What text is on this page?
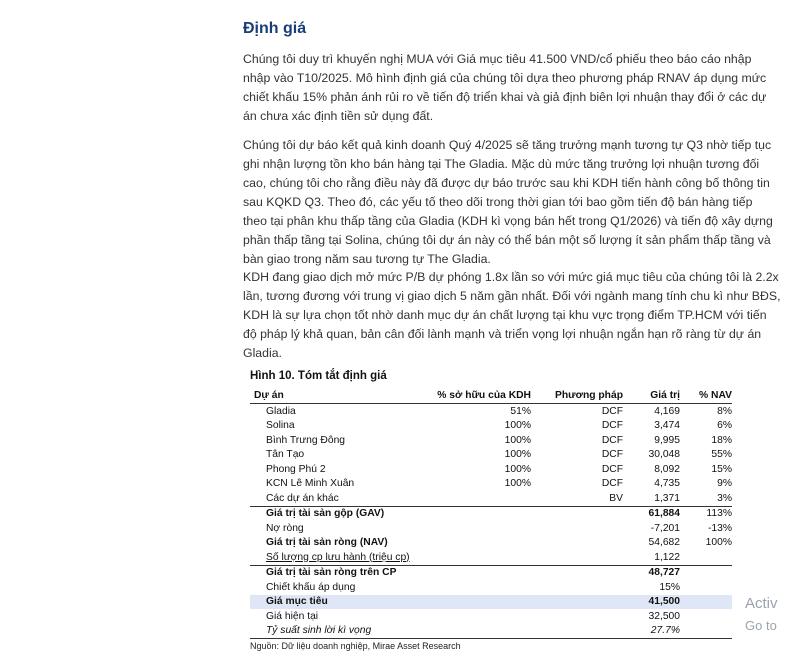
Định giá
Chúng tôi duy trì khuyến nghị MUA với Giá mục tiêu 41.500 VND/cổ phiếu theo báo cáo nhập
nhập vào T10/2025. Mô hình định giá của chúng tôi dựa theo phương pháp RNAV áp dụng mức
chiết khấu 15% phản ánh rủi ro về tiến độ triển khai và giả định biên lợi nhuận thay đổi ở các dự
án chưa xác định tiền sử dụng đất.
Chúng tôi dự báo kết quả kinh doanh Quý 4/2025 sẽ tăng trưởng mạnh tương tự Q3 nhờ tiếp tục
ghi nhận lượng tồn kho bán hàng tại The Gladia. Mặc dù mức tăng trưởng lợi nhuận tương đối
cao, chúng tôi cho rằng điều này đã được dự báo trước sau khi KDH tiến hành công bố thông tin
sau KQKD Q3. Theo đó, các yếu tố theo dõi trong thời gian tới bao gồm tiến độ bán hàng tiếp
theo tại phân khu thấp tầng của Gladia (KDH kì vọng bán hết trong Q1/2026) và tiến độ xây dựng
phần thấp tầng tại Solina, chúng tôi dự án này có thể bán một số lượng ít sản phẩm thấp tầng và
bàn giao trong năm sau tương tự The Gladia.
KDH đang giao dịch mở mức P/B dự phóng 1.8x lần so với mức giá mục tiêu của chúng tôi là 2.2x
lần, tương đương với trung vị giao dịch 5 năm gần nhất. Đối với ngành mang tính chu kì như BĐS,
KDH là sự lựa chọn tốt nhờ danh mục dự án chất lượng tại khu vực trọng điểm TP.HCM với tiến
độ pháp lý khả quan, bản cân đối lành mạnh và triển vọng lợi nhuận ngắn hạn rõ ràng từ dự án
Gladia.
Hình 10. Tóm tắt định giá
Dự án	% sở hữu của KDH	Phương pháp	Giá trị	% NAV
Gladia	51%	DCF	4,169	8%
Solina	100%	DCF	3,474	6%
Bình Trưng Đông	100%	DCF	9,995	18%
Tân Tạo	100%	DCF	30,048	55%
Phong Phú 2	100%	DCF	8,092	15%
KCN Lê Minh Xuân	100%	DCF	4,735	9%
Các dự án khác		BV	1,371	3%
Giá trị tài sản gộp (GAV)			61,884	113%
Nợ ròng			-7,201	-13%
Giá trị tài sản ròng (NAV)			54,682	100%
Số lượng cp lưu hành (triệu cp)			1,122	
Giá trị tài sản ròng trên CP			48,727	
Chiết khấu áp dụng			15%	
Giá mục tiêu			41,500	
Giá hiện tại			32,500	
Tỷ suất sinh lời kì vọng			27.7%	
Nguồn: Dữ liệu doanh nghiệp, Mirae Asset Research
Activ
Go to
